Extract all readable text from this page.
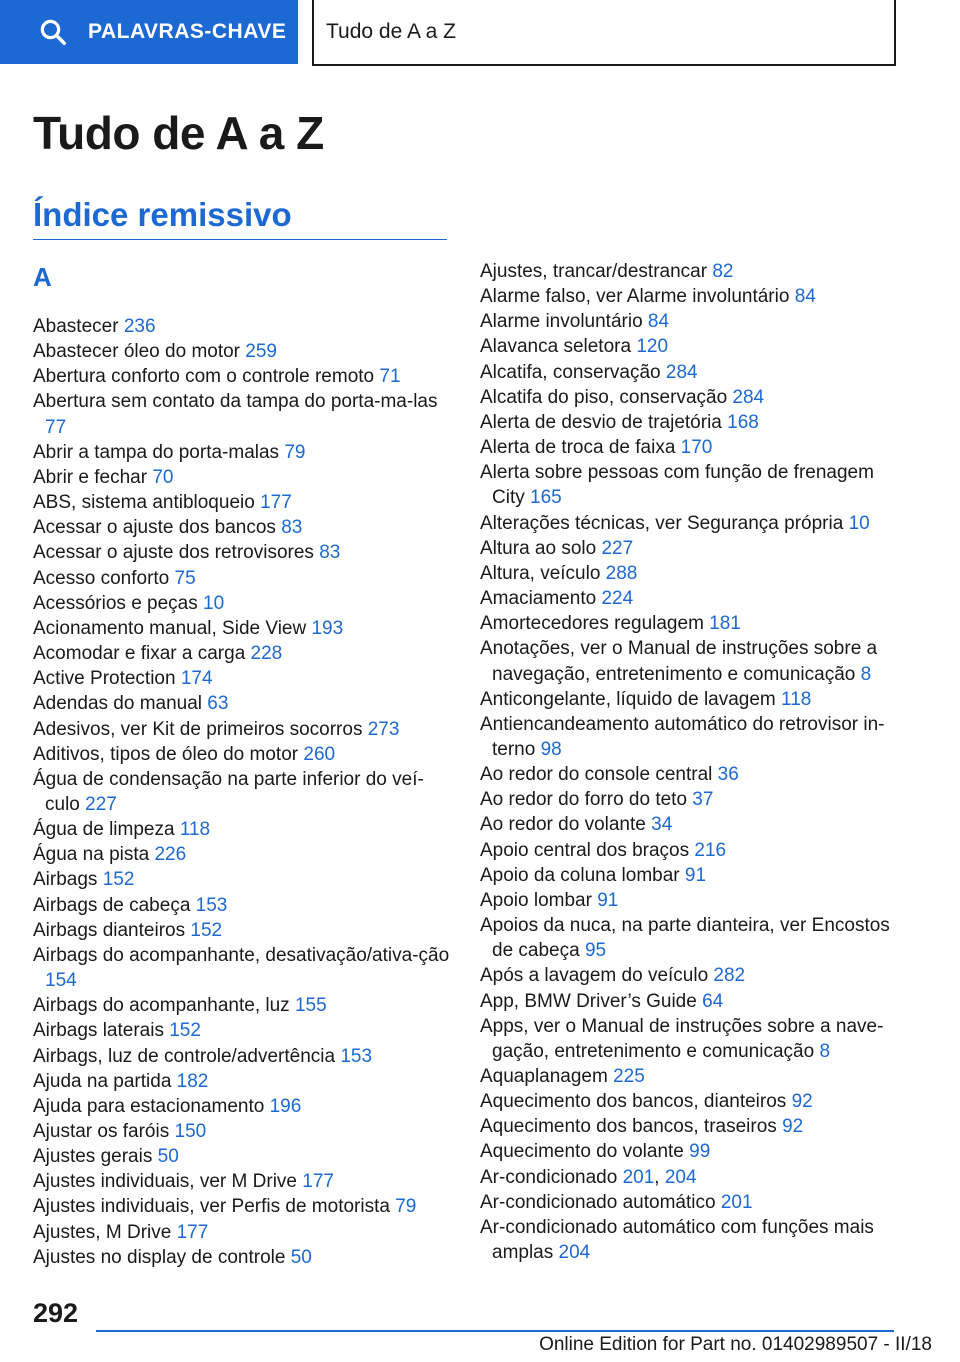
PALAVRAS-CHAVE Tudo de A a Z
Tudo de A a Z
Índice remissivo
A
Abastecer 236
Abastecer óleo do motor 259
Abertura conforto com o controle remoto 71
Abertura sem contato da tampa do porta-ma‐las 77
Abrir a tampa do porta-malas 79
Abrir e fechar 70
ABS, sistema antibloqueio 177
Acessar o ajuste dos bancos 83
Acessar o ajuste dos retrovisores 83
Acesso conforto 75
Acessórios e peças 10
Acionamento manual, Side View 193
Acomodar e fixar a carga 228
Active Protection 174
Adendas do manual 63
Adesivos, ver Kit de primeiros socorros 273
Aditivos, tipos de óleo do motor 260
Água de condensação na parte inferior do veí‐culo 227
Água de limpeza 118
Água na pista 226
Airbags 152
Airbags de cabeça 153
Airbags dianteiros 152
Airbags do acompanhante, desativação/ativa‐ção 154
Airbags do acompanhante, luz 155
Airbags laterais 152
Airbags, luz de controle/advertência 153
Ajuda na partida 182
Ajuda para estacionamento 196
Ajustar os faróis 150
Ajustes gerais 50
Ajustes individuais, ver M Drive 177
Ajustes individuais, ver Perfis de motorista 79
Ajustes, M Drive 177
Ajustes no display de controle 50
Ajustes, trancar/destrancar 82
Alarme falso, ver Alarme involuntário 84
Alarme involuntário 84
Alavanca seletora 120
Alcatifa, conservação 284
Alcatifa do piso, conservação 284
Alerta de desvio de trajetória 168
Alerta de troca de faixa 170
Alerta sobre pessoas com função de frenagem City 165
Alterações técnicas, ver Segurança própria 10
Altura ao solo 227
Altura, veículo 288
Amaciamento 224
Amortecedores regulagem 181
Anotações, ver o Manual de instruções sobre a navegação, entretenimento e comunicação 8
Anticongelante, líquido de lavagem 118
Antiencandeamento automático do retrovisor in‐terno 98
Ao redor do console central 36
Ao redor do forro do teto 37
Ao redor do volante 34
Apoio central dos braços 216
Apoio da coluna lombar 91
Apoio lombar 91
Apoios da nuca, na parte dianteira, ver Encostos de cabeça 95
Após a lavagem do veículo 282
App, BMW Driver’s Guide 64
Apps, ver o Manual de instruções sobre a nave‐gação, entretenimento e comunicação 8
Aquaplanagem 225
Aquecimento dos bancos, dianteiros 92
Aquecimento dos bancos, traseiros 92
Aquecimento do volante 99
Ar-condicionado 201, 204
Ar-condicionado automático 201
Ar-condicionado automático com funções mais amplas 204
292
Online Edition for Part no. 01402989507 - II/18
